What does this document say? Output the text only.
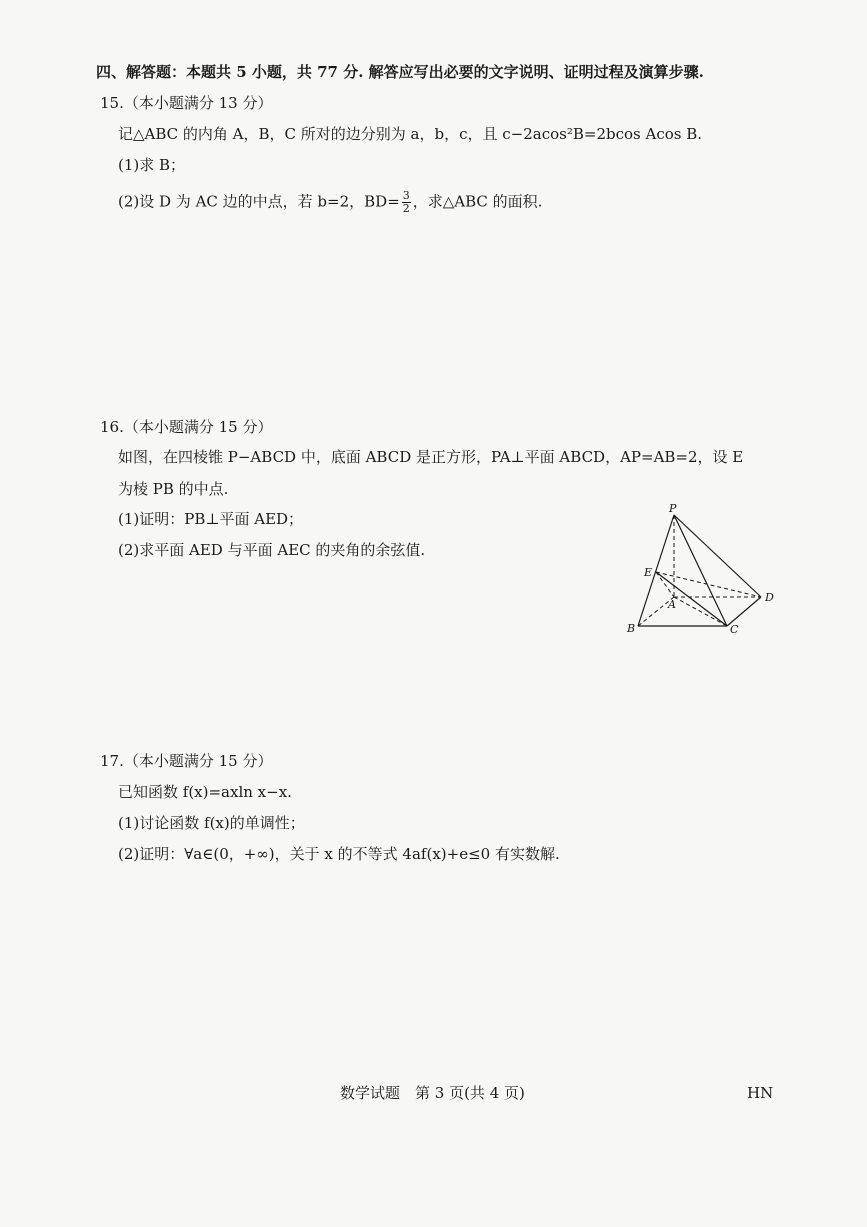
四、解答题：本题共 5 小题，共 77 分. 解答应写出必要的文字说明、证明过程及演算步骤.
15.（本小题满分 13 分）
记△ABC 的内角 A，B，C 所对的边分别为 a，b，c，且 c−2acos²B=2bcos Acos B.
(1)求 B；
(2)设 D 为 AC 边的中点，若 b=2，$BD= \frac{3}{2}$ ，求△ABC 的面积.
16.（本小题满分 15 分）
如图，在四棱锥 P−ABCD 中，底面 ABCD 是正方形，PA⊥平面 ABCD，AP=AB=2，设 E
为棱 PB 的中点.
(1)证明：PB⊥平面 AED；
(2)求平面 AED 与平面 AEC 的夹角的余弦值.
P
E
A
B	C
D
17.（本小题满分 15 分）
已知函数 f(x)=axln x−x.
(1)讨论函数 f(x)的单调性；
(2)证明：∀a∈(0，+∞)，关于 x 的不等式 4af(x)+e≤0 有实数解.
数学试题　第 3 页(共 4 页)	HN
